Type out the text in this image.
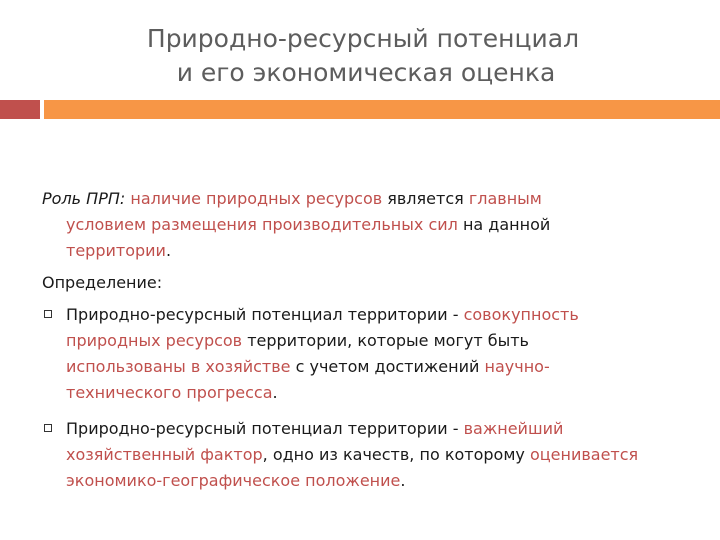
Природно-ресурсный потенциал
и его экономическая оценка

Роль ПРП: наличие природных ресурсов является главным
условием размещения производительных сил на данной
территории.

Определение:

Природно-ресурсный потенциал территории - совокупность
природных ресурсов территории, которые могут быть
использованы в хозяйстве с учетом достижений научно-
технического прогресса.
Природно-ресурсный потенциал территории - важнейший
хозяйственный фактор, одно из качеств, по которому оценивается
экономико-географическое положение.
